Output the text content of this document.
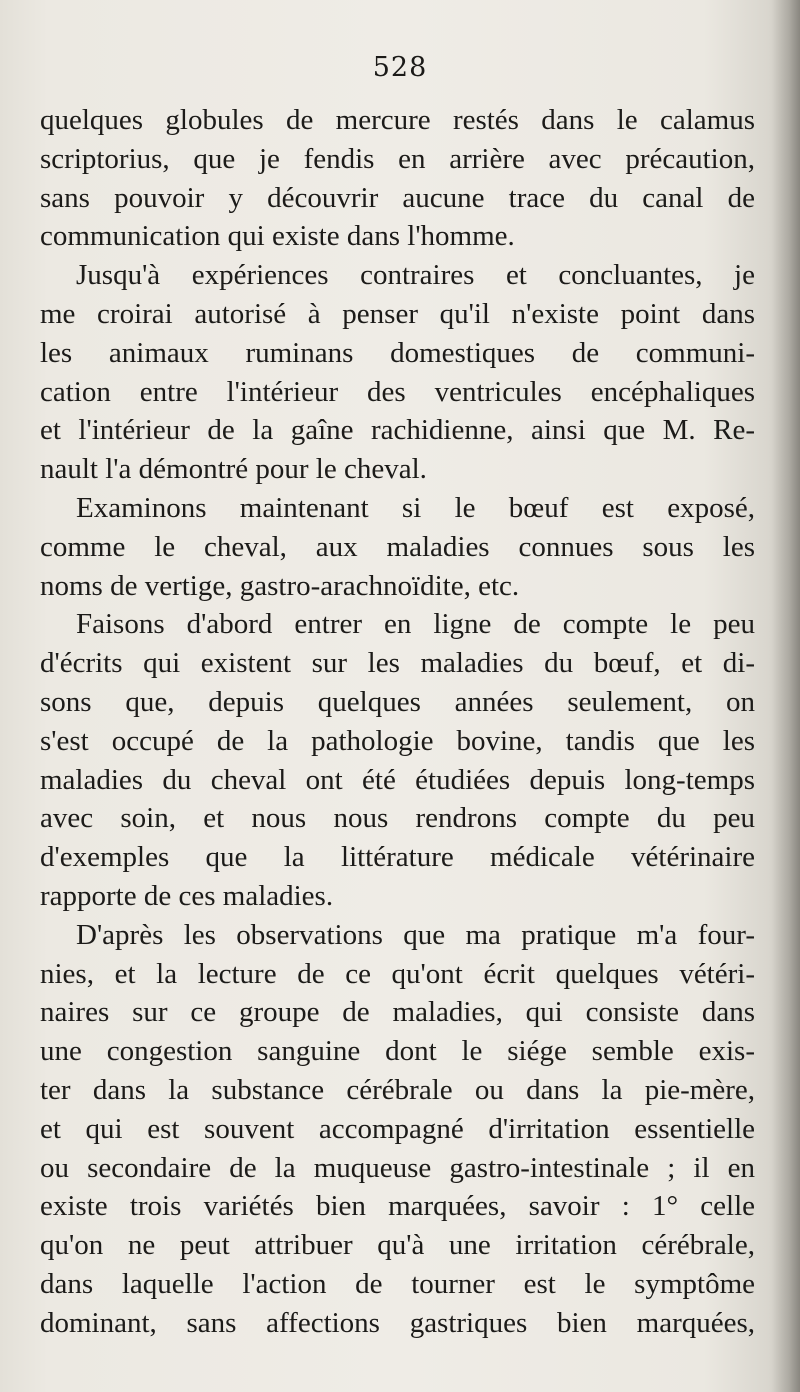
528
quelques globules de mercure restés dans le calamus
scriptorius, que je fendis en arrière avec précaution,
sans pouvoir y découvrir aucune trace du canal de
communication qui existe dans l'homme.
Jusqu'à expériences contraires et concluantes, je
me croirai autorisé à penser qu'il n'existe point dans
les animaux ruminans domestiques de communi-
cation entre l'intérieur des ventricules encéphaliques
et l'intérieur de la gaîne rachidienne, ainsi que M. Re-
nault l'a démontré pour le cheval.
Examinons maintenant si le bœuf est exposé,
comme le cheval, aux maladies connues sous les
noms de vertige, gastro-arachnoïdite, etc.
Faisons d'abord entrer en ligne de compte le peu
d'écrits qui existent sur les maladies du bœuf, et di-
sons que, depuis quelques années seulement, on
s'est occupé de la pathologie bovine, tandis que les
maladies du cheval ont été étudiées depuis long-temps
avec soin, et nous nous rendrons compte du peu
d'exemples que la littérature médicale vétérinaire
rapporte de ces maladies.
D'après les observations que ma pratique m'a four-
nies, et la lecture de ce qu'ont écrit quelques vétéri-
naires sur ce groupe de maladies, qui consiste dans
une congestion sanguine dont le siége semble exis-
ter dans la substance cérébrale ou dans la pie-mère,
et qui est souvent accompagné d'irritation essentielle
ou secondaire de la muqueuse gastro-intestinale ; il en
existe trois variétés bien marquées, savoir : 1° celle
qu'on ne peut attribuer qu'à une irritation cérébrale,
dans laquelle l'action de tourner est le symptôme
dominant, sans affections gastriques bien marquées,
